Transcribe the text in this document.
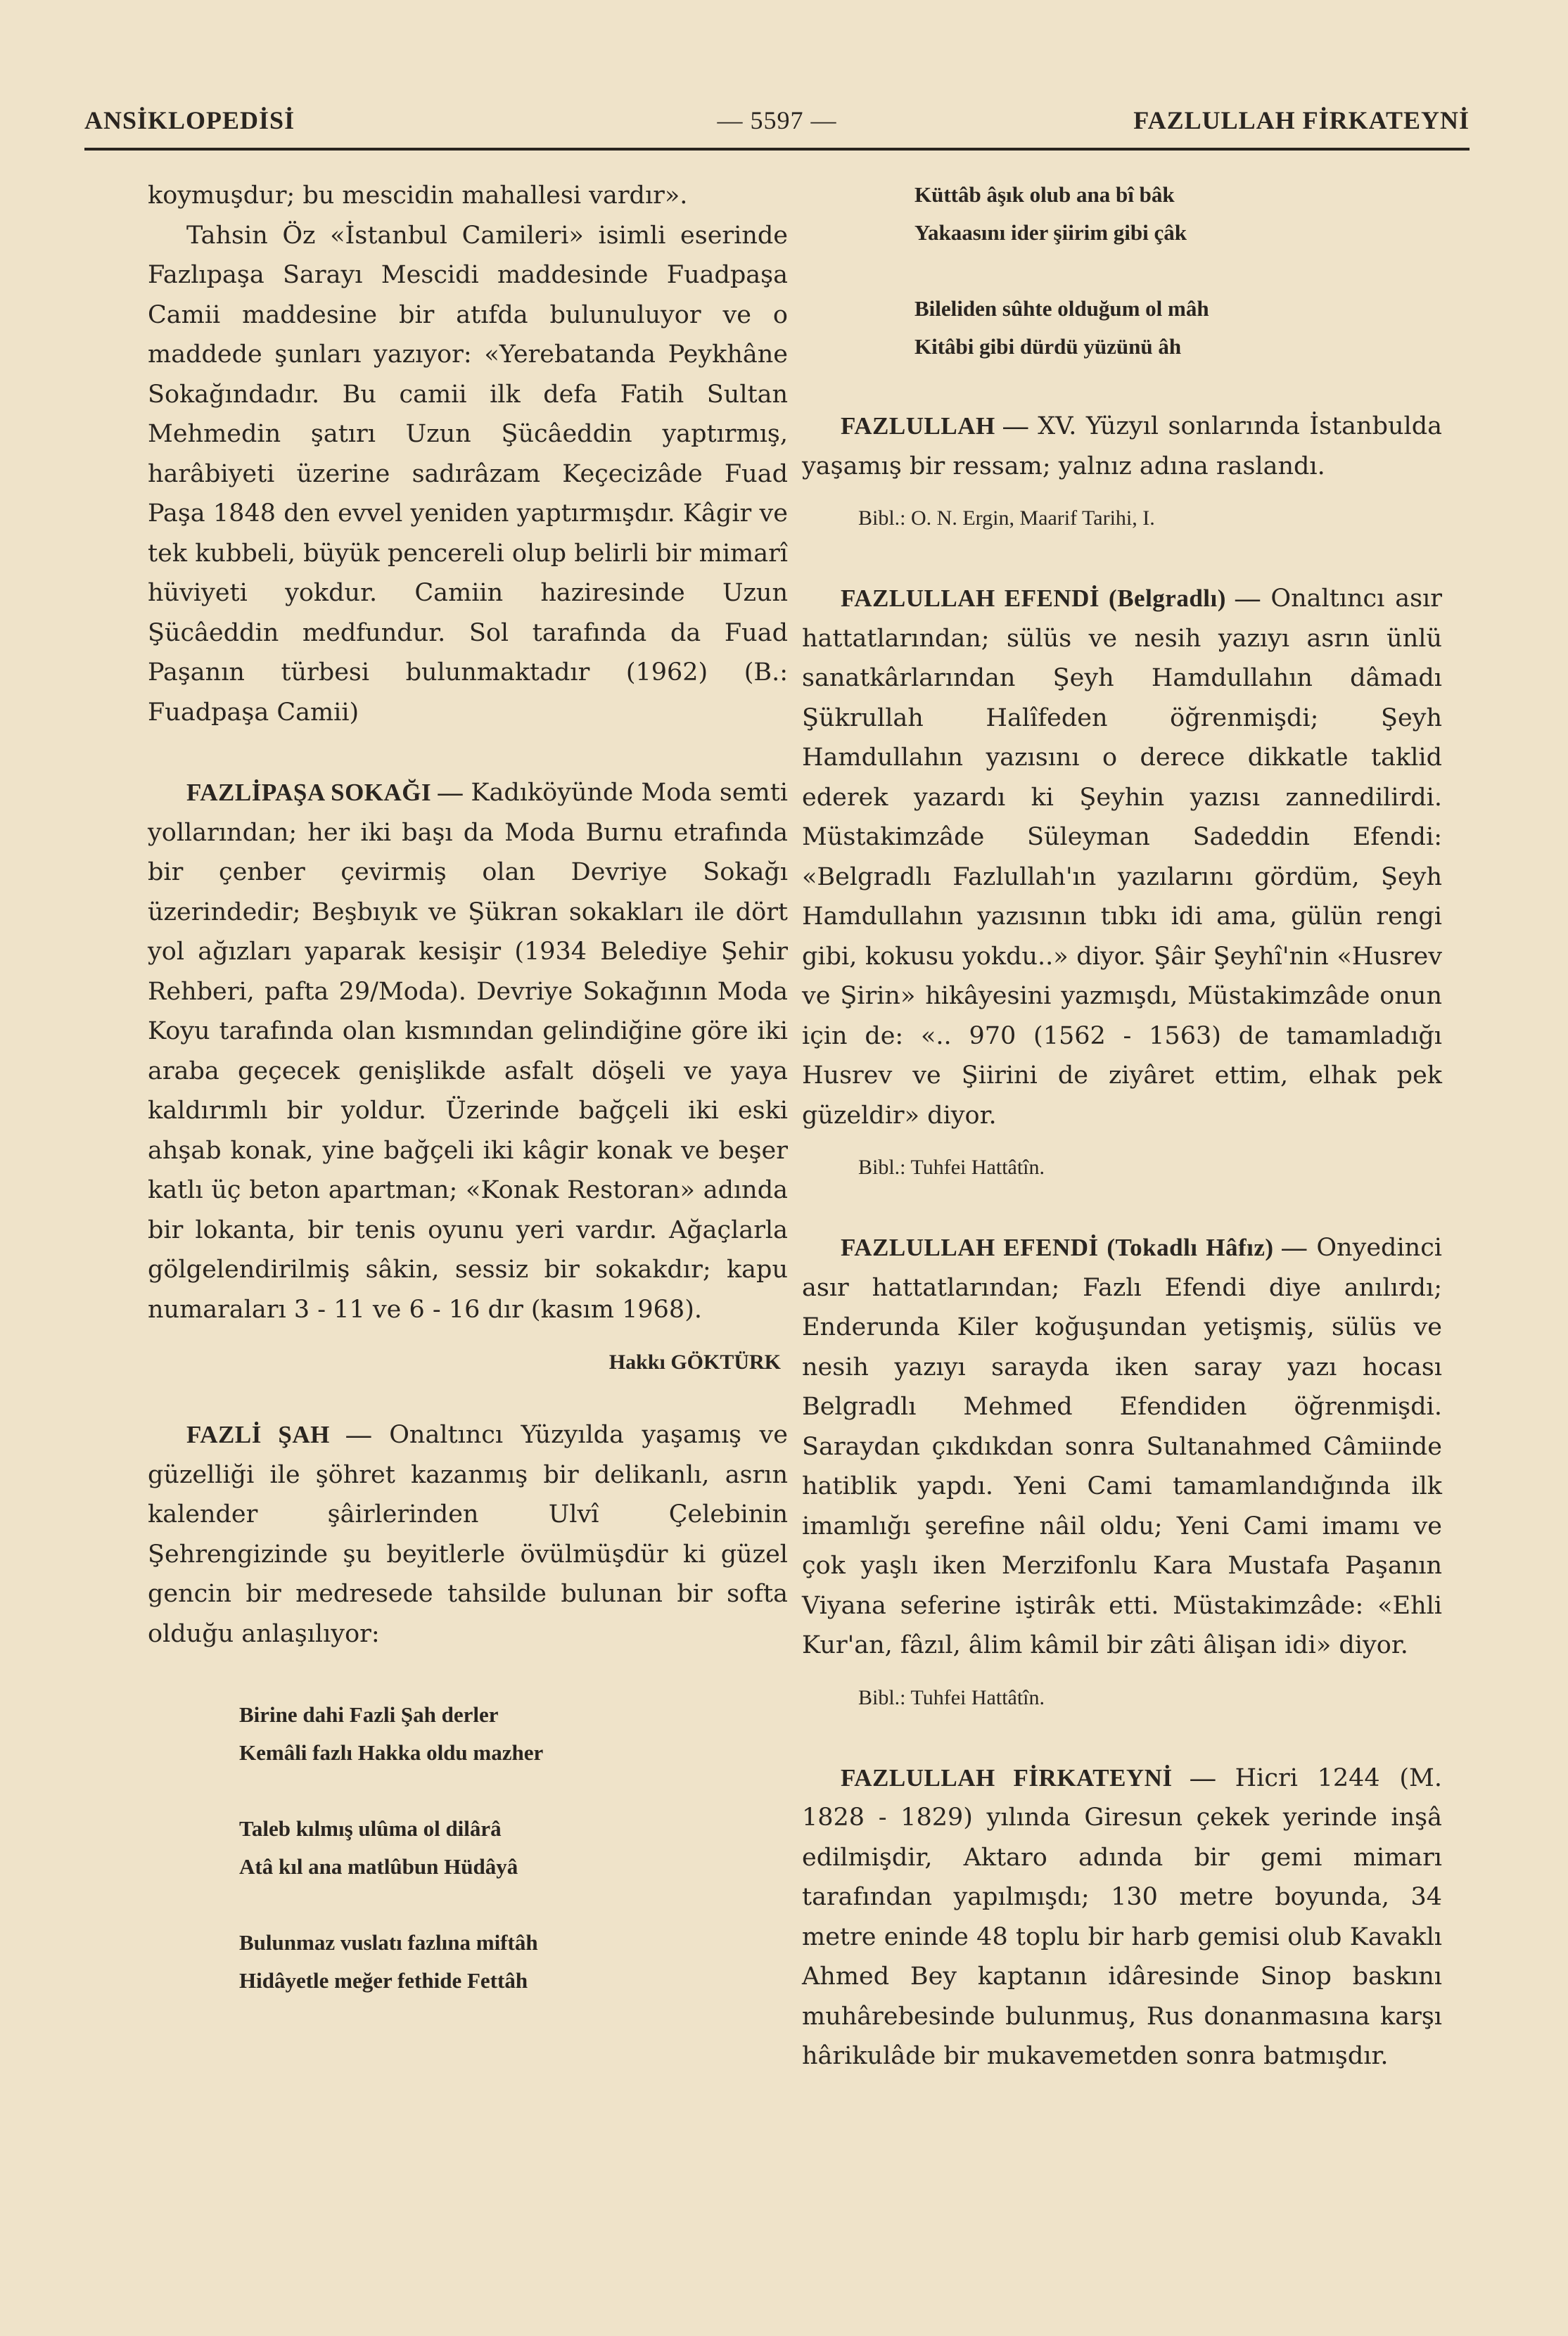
ANSİKLOPEDİSİ	— 5597 —	FAZLULLAH FİRKATEYNİ

koymuşdur; bu mescidin mahallesi vardır».

Tahsin Öz «İstanbul Camileri» isimli eserinde Fazlıpaşa Sarayı Mescidi maddesinde Fuadpaşa Camii maddesine bir atıfda bulunuluyor ve o maddede şunları yazıyor: «Yerebatanda Peykhâne Sokağındadır. Bu camii ilk defa Fatih Sultan Mehmedin şatırı Uzun Şücâeddin yaptırmış, harâbiyeti üzerine sadırâzam Keçecizâde Fuad Paşa 1848 den evvel yeniden yaptırmışdır. Kâgir ve tek kubbeli, büyük pencereli olup belirli bir mimarî hüviyeti yokdur. Camiin haziresinde Uzun Şücâeddin medfundur. Sol tarafında da Fuad Paşanın türbesi bulunmaktadır (1962) (B.: Fuadpaşa Camii)

FAZLİPAŞA SOKAĞI — Kadıköyünde Moda semti yollarından; her iki başı da Moda Burnu etrafında bir çenber çevirmiş olan Devriye Sokağı üzerindedir; Beşbıyık ve Şükran sokakları ile dört yol ağızları yaparak kesişir (1934 Belediye Şehir Rehberi, pafta 29/Moda). Devriye Sokağının Moda Koyu tarafında olan kısmından gelindiğine göre iki araba geçecek genişlikde asfalt döşeli ve yaya kaldırımlı bir yoldur. Üzerinde bağçeli iki eski ahşab konak, yine bağçeli iki kâgir konak ve beşer katlı üç beton apartman; «Konak Restoran» adında bir lokanta, bir tenis oyunu yeri vardır. Ağaçlarla gölgelendirilmiş sâkin, sessiz bir sokakdır; kapu numaraları 3 - 11 ve 6 - 16 dır (kasım 1968).

Hakkı GÖKTÜRK

FAZLİ ŞAH — Onaltıncı Yüzyılda yaşamış ve güzelliği ile şöhret kazanmış bir delikanlı, asrın kalender şâirlerinden Ulvî Çelebinin Şehrengizinde şu beyitlerle övülmüşdür ki güzel gencin bir medresede tahsilde bulunan bir softa olduğu anlaşılıyor:

Birine dahi Fazli Şah derler

Kemâli fazlı Hakka oldu mazher

Taleb kılmış ulûma ol dilârâ

Atâ kıl ana matlûbun Hüdâyâ

Bulunmaz vuslatı fazlına miftâh

Hidâyetle meğer fethide Fettâh

Küttâb âşık olub ana bî bâk

Yakaasını ider şiirim gibi çâk

Bileliden sûhte olduğum ol mâh

Kitâbi gibi dürdü yüzünü âh

FAZLULLAH — XV. Yüzyıl sonlarında İstanbulda yaşamış bir ressam; yalnız adına raslandı.

Bibl.: O. N. Ergin, Maarif Tarihi, I.

FAZLULLAH EFENDİ (Belgradlı) — Onaltıncı asır hattatlarından; sülüs ve nesih yazıyı asrın ünlü sanatkârlarından Şeyh Hamdullahın dâmadı Şükrullah Halîfeden öğrenmişdi; Şeyh Hamdullahın yazısını o derece dikkatle taklid ederek yazardı ki Şeyhin yazısı zannedilirdi. Müstakimzâde Süleyman Sadeddin Efendi: «Belgradlı Fazlullah'ın yazılarını gördüm, Şeyh Hamdullahın yazısının tıbkı idi ama, gülün rengi gibi, kokusu yokdu..» diyor. Şâir Şeyhî'nin «Husrev ve Şirin» hikâyesini yazmışdı, Müstakimzâde onun için de: «.. 970 (1562 - 1563) de tamamladığı Husrev ve Şiirini de ziyâret ettim, elhak pek güzeldir» diyor.

Bibl.: Tuhfei Hattâtîn.

FAZLULLAH EFENDİ (Tokadlı Hâfız) — Onyedinci asır hattatlarından; Fazlı Efendi diye anılırdı; Enderunda Kiler koğuşundan yetişmiş, sülüs ve nesih yazıyı sarayda iken saray yazı hocası Belgradlı Mehmed Efendiden öğrenmişdi. Saraydan çıkdıkdan sonra Sultanahmed Câmiinde hatiblik yapdı. Yeni Cami tamamlandığında ilk imamlığı şerefine nâil oldu; Yeni Cami imamı ve çok yaşlı iken Merzifonlu Kara Mustafa Paşanın Viyana seferine iştirâk etti. Müstakimzâde: «Ehli Kur'an, fâzıl, âlim kâmil bir zâti âlişan idi» diyor.

Bibl.: Tuhfei Hattâtîn.

FAZLULLAH FİRKATEYNİ — Hicri 1244 (M. 1828 - 1829) yılında Giresun çekek yerinde inşâ edilmişdir, Aktaro adında bir gemi mimarı tarafından yapılmışdı; 130 metre boyunda, 34 metre eninde 48 toplu bir harb gemisi olub Kavaklı Ahmed Bey kaptanın idâresinde Sinop baskını muhârebesinde bulunmuş, Rus donanmasına karşı hârikulâde bir mukavemetden sonra batmışdır.
